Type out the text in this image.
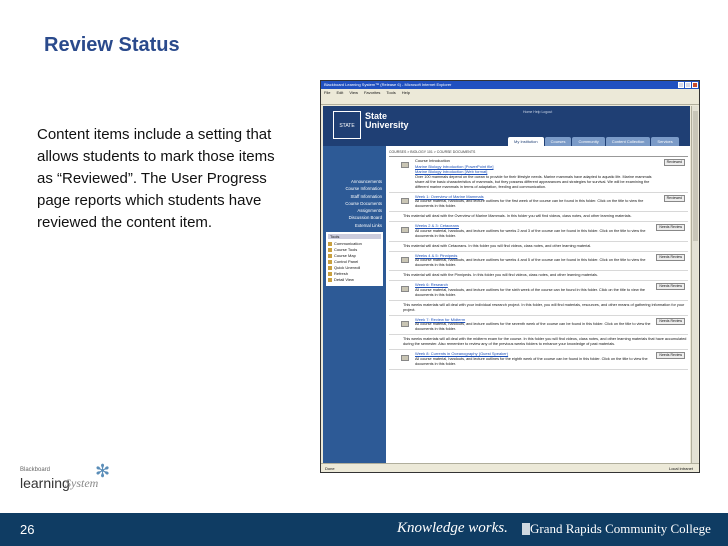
Review Status
Content items include a setting that allows students to mark those items as “Reviewed”. The User Progress page reports which students have reviewed the content item.
✻
Blackboard
learning
System
Blackboard Learning System™ (Release 6) - Microsoft Internet Explorer
File Edit View Favorites Tools Help
STATE
State
University
Home Help Logout
My Institution	Courses	Community	Content Collection	Services
Announcements
Course Information
Staff Information
Course Documents
Assignments
Discussion Board
External Links
Tools
Communication
Course Tools
Course Map
Control Panel
Quick Unenroll
Refresh
Detail View
COURSES > BIOLOGY 101 > COURSE DOCUMENTS
Course Introduction
Marine Biology Introduction [PowerPoint file]
Marine Biology Introduction [Web format]
Over 100 mammals depend on the ocean to provide for their lifestyle needs. Marine mammals have adapted to aquatic life. Marine mammals share all the basic characteristics of mammals, but they possess different appearances and strategies for survival. We will be examining the different marine mammals in terms of adaptation, feeding and communication.
Reviewed
Week 1: Overview of Marine Mammals
All course material, handouts, and lecture outlines for the first week of the course can be found in this folder. Click on the title to view the documents in this folder.
Reviewed
This material will deal with the Overview of Marine Mammals. In this folder you will find videos, class notes, and other learning materials.
Weeks 2 & 3: Cetaceans
All course material, handouts, and lecture outlines for weeks 2 and 3 of the course can be found in this folder. Click on the title to view the documents in this folder.
Needs Review
This material will deal with Cetaceans. In this folder you will find videos, class notes, and other learning material.
Weeks 4 & 5: Pinnipeds
All course material, handouts, and lecture outlines for weeks 4 and 5 of the course can be found in this folder. Click on the title to view the documents in this folder.
Needs Review
This material will deal with the Pinnipeds. In this folder you will find videos, class notes, and other learning materials.
Week 6: Research
All course material, handouts, and lecture outlines for the sixth week of the course can be found in this folder. Click on the title to view the documents in this folder.
Needs Review
This weeks materials will all deal with your individual research project. In this folder, you will find materials, resources, and other means of gathering information for your project.
Week 7: Review for Midterm
All course material, handouts, and lecture outlines for the seventh week of the course can be found in this folder. Click on the title to view the documents in this folder.
Needs Review
This weeks materials will all deal with the midterm exam for the course. In this folder you will find videos, class notes, and other learning materials that have accumulated during the semester. Also remember to review any of the previous weeks folders to enhance your knowledge of past materials.
Week 8: Currents in Oceanography (Guest Speaker)
All course material, handouts, and lecture outlines for the eighth week of the course can be found in this folder. Click on the title to view the documents in this folder.
Needs Review
Done	Local intranet
26	Knowledge works. Grand Rapids Community College
